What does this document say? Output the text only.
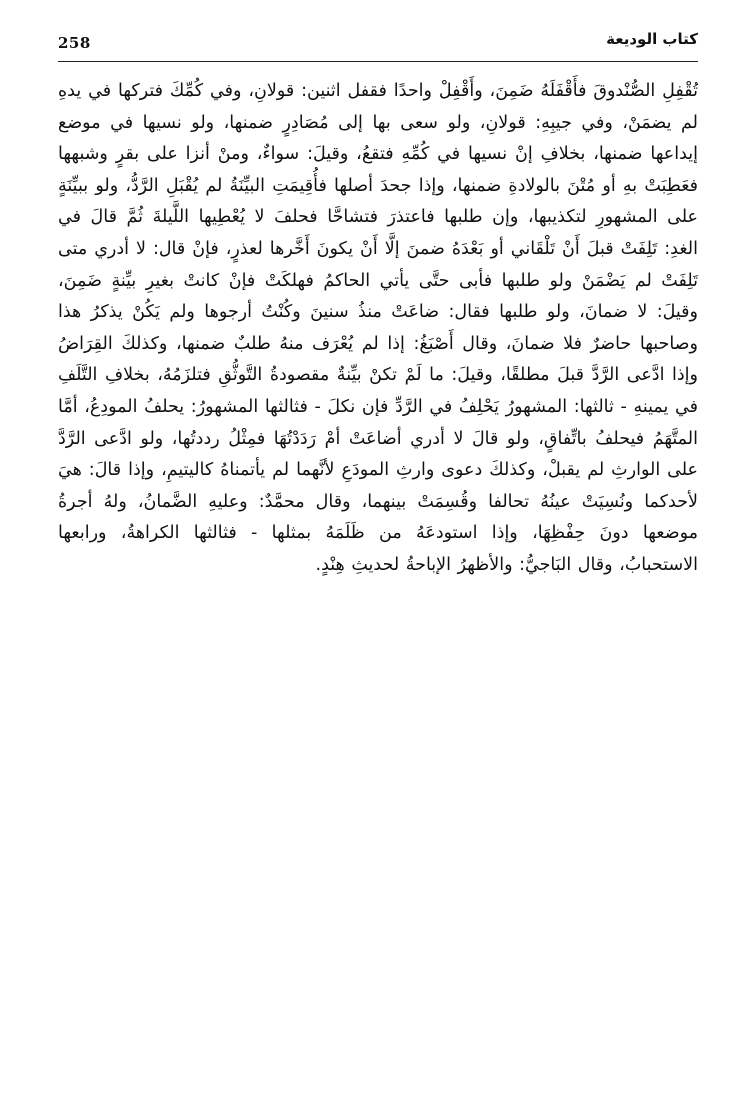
258	كتاب الوديعة

تُقْفِلِ الصُّنْدوقَ فأَقْفَلَهُ ضَمِنَ، وأَقْفِلْ واحدًا فقفل اثنين: قولانِ، وفي كُمِّكَ فتركها في يدهِ لم يضمَنْ، وفي جيبِهِ: قولانِ، ولو سعى بها إلى مُصَادِرٍ ضمنها، ولو نسيها في موضع إيداعها ضمنها، بخلافِ إنْ نسيها في كُمِّهِ فتقعُ، وقيلَ: سواءٌ، ومنْ أنزا على بقرٍ وشبهها فعَطِبَتْ بهِ أو مُتْنَ بالولادةِ ضمنها، وإذا جحدَ أصلها فأُقِيمَتِ البيِّنَةُ لم يُقْبَلِ الرَّدُّ، ولو ببيِّنَةٍ على المشهورِ لتكذيبها، وإن طلبها فاعتذرَ فتشاحَّا فحلفَ لا يُعْطِيها اللَّيلةَ ثُمَّ قالَ في الغدِ: تَلِفَتْ قبلَ أَنْ تَلْقَاني أو بَعْدَهُ ضمنَ إلَّا أَنْ يكونَ أَخَّرها لعذرٍ، فإنْ قال: لا أدري متى تَلِفَتْ لم يَضْمَنْ ولو طلبها فأبى حتَّى يأتي الحاكمُ فهلكَتْ فإنْ كانتْ بغيرِ بيِّنةٍ ضَمِنَ، وقيلَ: لا ضمانَ، ولو طلبها فقال: ضاعَتْ منذُ سنينَ وكُنْتُ أرجوها ولم يَكُنْ يذكرُ هذا وصاحبها حاضرٌ فلا ضمانَ، وقال أَصْبَغُ: إذا لم يُعْرَف منهُ طلبٌ ضمنها، وكذلكَ القِرَاضُ وإذا ادَّعى الرَّدَّ قبلَ مطلقًا، وقيلَ: ما لَمْ تكنْ بيِّنةٌ مقصودةُ التَّوثُّقِ فتلزَمُهُ، بخلافِ التَّلَفِ في يمينهِ - ثالثها: المشهورُ يَحْلِفُ في الرَّدِّ فإن نكلَ - فثالثها المشهورُ: يحلفُ المودِعُ، أمَّا المتَّهَمُ فيحلفُ باتِّفاقٍ، ولو قالَ لا أدري أضاعَتْ أمْ رَدَدْتُهَا فمِثْلُ رددتُها، ولو ادَّعى الرَّدَّ على الوارثِ لم يقبلْ، وكذلكَ دعوى وارثِ المودَعِ لأنَّهما لم يأتمناهُ كاليتيمِ، وإذا قالَ: هيَ لأحدكما ونُسِيَتْ عينُهُ تحالفا وقُسِمَتْ بينهما، وقال محمَّدٌ: وعليهِ الضَّمانُ، ولهُ أجرةُ موضعها دونَ حِفْظِهَا، وإذا استودعَهُ من ظَلَمَهُ بمثلها - فثالثها الكراهةُ، ورابعها الاستحبابُ، وقال البَاجيُّ: والأظهرُ الإباحةُ لحديثِ هِنْدٍ.
